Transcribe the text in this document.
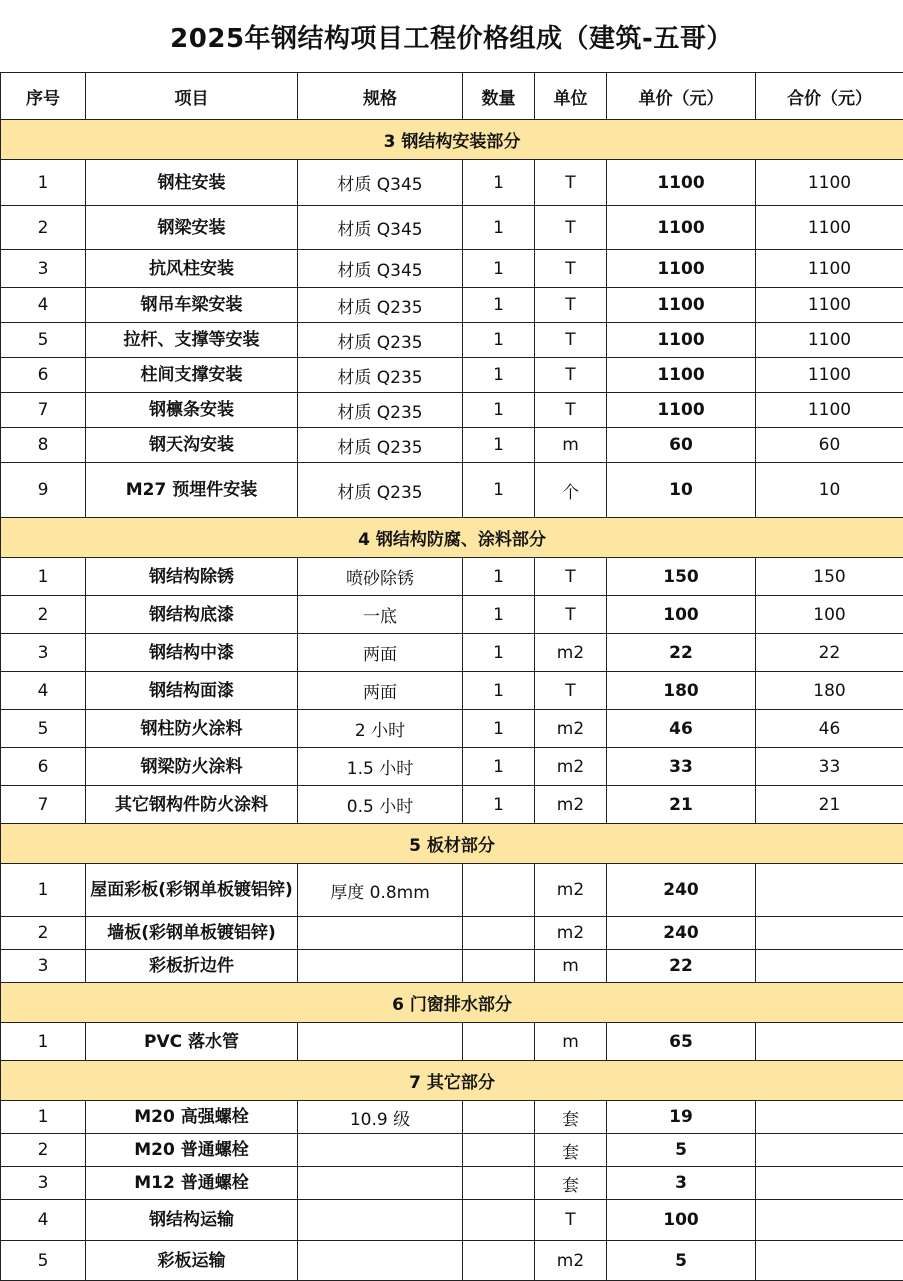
2025年钢结构项目工程价格组成（建筑-五哥）
序号	项目	规格	数量	单位	单价（元）	合价（元）
3 钢结构安装部分						
1	钢柱安装	材质 Q345	1	T	1100	1100
2	钢梁安装	材质 Q345	1	T	1100	1100
3	抗风柱安装	材质 Q345	1	T	1100	1100
4	钢吊车梁安装	材质 Q235	1	T	1100	1100
5	拉杆、支撑等安装	材质 Q235	1	T	1100	1100
6	柱间支撑安装	材质 Q235	1	T	1100	1100
7	钢檩条安装	材质 Q235	1	T	1100	1100
8	钢天沟安装	材质 Q235	1	m	60	60
9	M27 预埋件安装	材质 Q235	1	个	10	10
4 钢结构防腐、涂料部分						
1	钢结构除锈	喷砂除锈	1	T	150	150
2	钢结构底漆	一底	1	T	100	100
3	钢结构中漆	两面	1	m2	22	22
4	钢结构面漆	两面	1	T	180	180
5	钢柱防火涂料	2 小时	1	m2	46	46
6	钢梁防火涂料	1.5 小时	1	m2	33	33
7	其它钢构件防火涂料	0.5 小时	1	m2	21	21
5 板材部分						
1	屋面彩板(彩钢单板镀铝锌)	厚度 0.8mm		m2	240	
2	墙板(彩钢单板镀铝锌)			m2	240	
3	彩板折边件			m	22	
6 门窗排水部分						
1	PVC 落水管			m	65	
7 其它部分						
1	M20 高强螺栓	10.9 级		套	19	
2	M20 普通螺栓			套	5	
3	M12 普通螺栓			套	3	
4	钢结构运输			T	100	
5	彩板运输			m2	5	
